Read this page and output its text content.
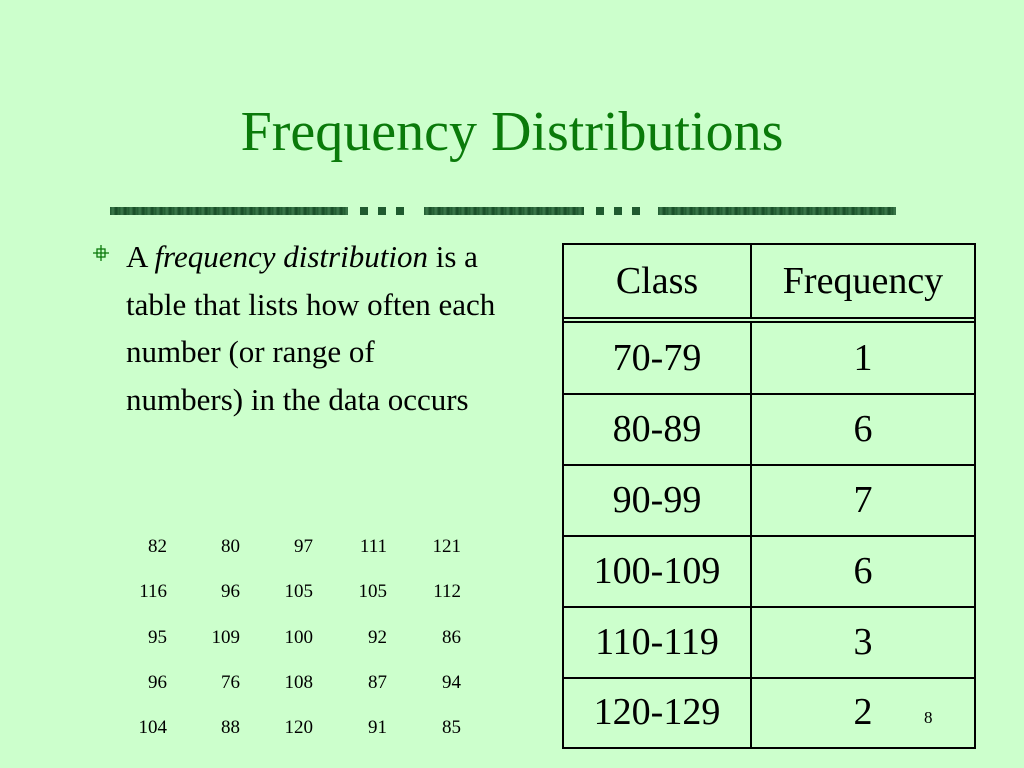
Frequency Distributions
A frequency distribution is a table that lists how often each number (or range of numbers) in the data occurs
82	80	97	111	121
116	96	105	105	112
95	109	100	92	86
96	76	108	87	94
104	88	120	91	85
Class	Frequency
70-79	1
80-89	6
90-99	7
100-109	6
110-119	3
120-129	2	8
